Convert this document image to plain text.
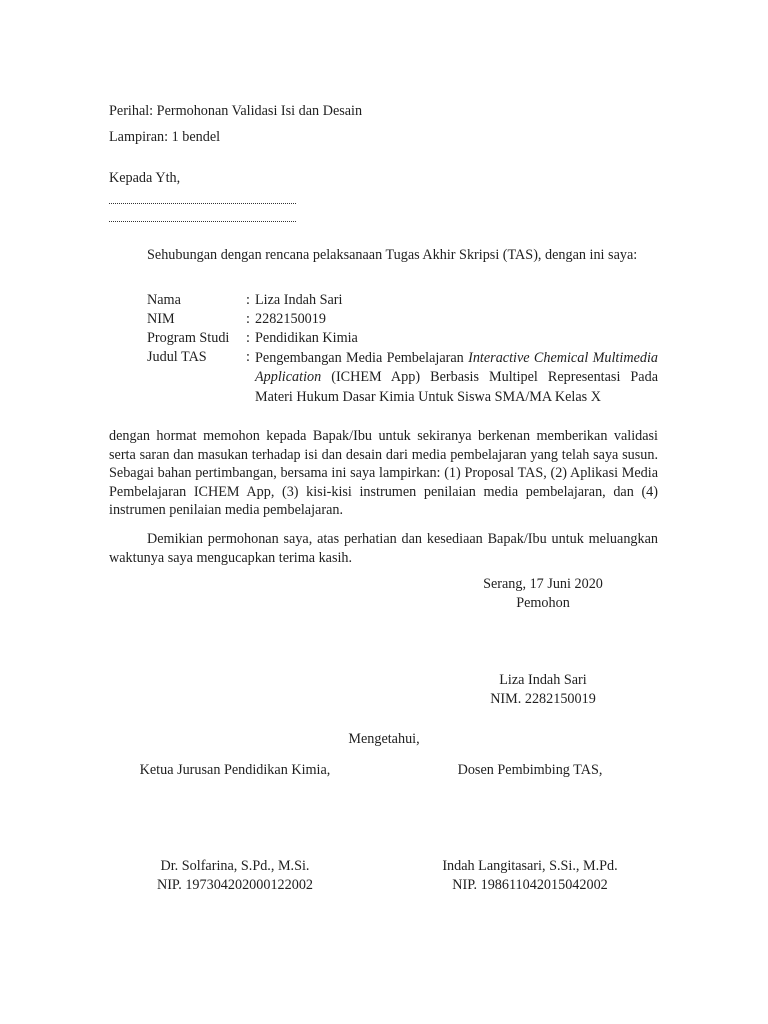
Perihal: Permohonan Validasi Isi dan Desain
Lampiran: 1 bendel
Kepada Yth,
Sehubungan dengan rencana pelaksanaan Tugas Akhir Skripsi (TAS), dengan ini saya:
Nama	: Liza Indah Sari
NIM	: 2282150019
Program Studi : Pendidikan Kimia
Judul TAS	: Pengembangan Media Pembelajaran Interactive Chemical Multimedia Application (ICHEM App) Berbasis Multipel Representasi Pada Materi Hukum Dasar Kimia Untuk Siswa SMA/MA Kelas X
dengan hormat memohon kepada Bapak/Ibu untuk sekiranya berkenan memberikan validasi serta saran dan masukan terhadap isi dan desain dari media pembelajaran yang telah saya susun. Sebagai bahan pertimbangan, bersama ini saya lampirkan: (1) Proposal TAS, (2) Aplikasi Media Pembelajaran ICHEM App, (3) kisi-kisi instrumen penilaian media pembelajaran, dan (4) instrumen penilaian media pembelajaran.
Demikian permohonan saya, atas perhatian dan kesediaan Bapak/Ibu untuk meluangkan waktunya saya mengucapkan terima kasih.
Serang, 17 Juni 2020
Pemohon
Liza Indah Sari
NIM. 2282150019
Mengetahui,
Ketua Jurusan Pendidikan Kimia,
Dr. Solfarina, S.Pd., M.Si.
NIP. 197304202000122002
Dosen Pembimbing TAS,
Indah Langitasari, S.Si., M.Pd.
NIP. 198611042015042002
